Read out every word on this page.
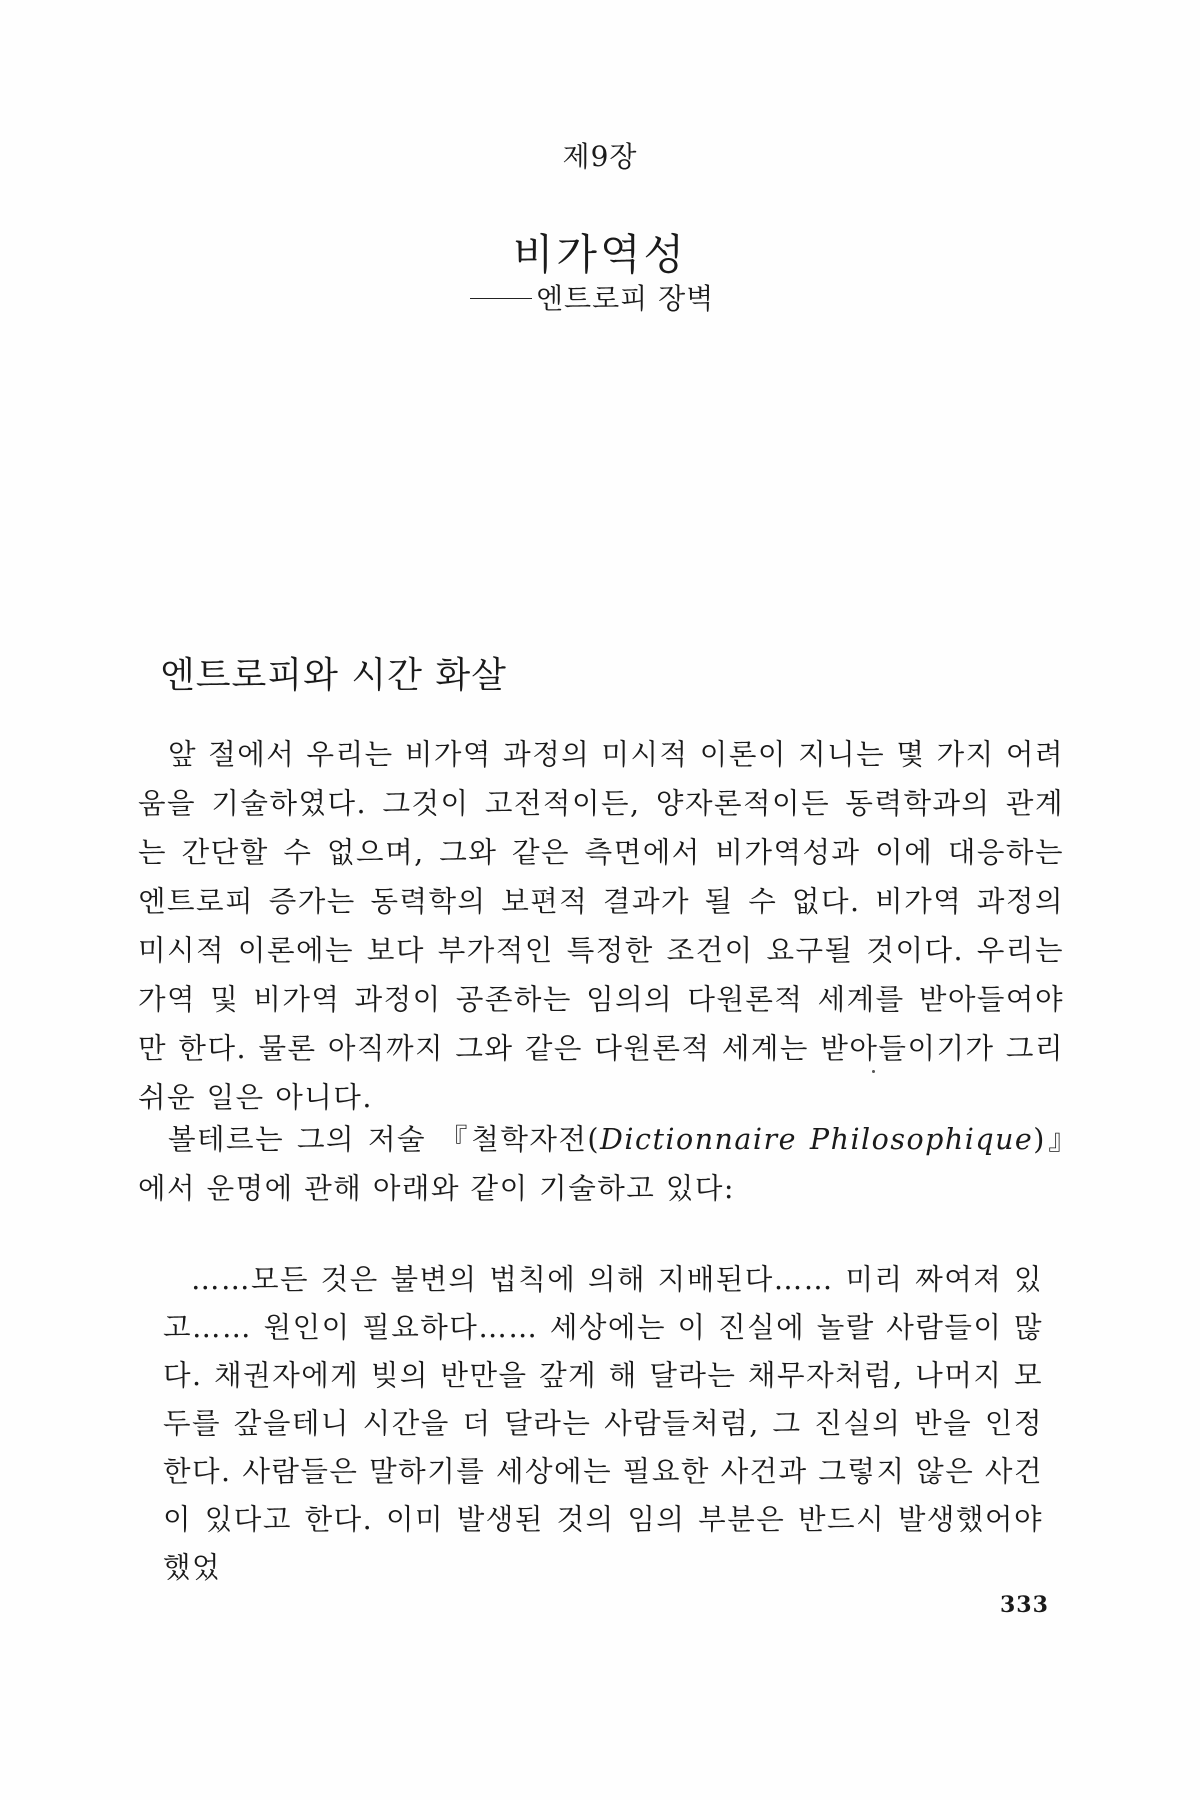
제9장
비가역성
엔트로피 장벽
엔트로피와 시간 화살

앞 절에서 우리는 비가역 과정의 미시적 이론이 지니는 몇 가지 어려움을 기술하였다. 그것이 고전적이든, 양자론적이든 동력학과의 관계는 간단할 수 없으며, 그와 같은 측면에서 비가역성과 이에 대응하는 엔트로피 증가는 동력학의 보편적 결과가 될 수 없다. 비가역 과정의 미시적 이론에는 보다 부가적인 특정한 조건이 요구될 것이다. 우리는 가역 및 비가역 과정이 공존하는 임의의 다원론적 세계를 받아들여야만 한다. 물론 아직까지 그와 같은 다원론적 세계는 받아들이기가 그리 쉬운 일은 아니다.

볼테르는 그의 저술 『철학자전(Dictionnaire Philosophique)』에서 운명에 관해 아래와 같이 기술하고 있다:

……모든 것은 불변의 법칙에 의해 지배된다…… 미리 짜여져 있고…… 원인이 필요하다…… 세상에는 이 진실에 놀랄 사람들이 많다. 채권자에게 빚의 반만을 갚게 해 달라는 채무자처럼, 나머지 모두를 갚을테니 시간을 더 달라는 사람들처럼, 그 진실의 반을 인정한다. 사람들은 말하기를 세상에는 필요한 사건과 그렇지 않은 사건이 있다고 한다. 이미 발생된 것의 임의 부분은 반드시 발생했어야 했었

333
